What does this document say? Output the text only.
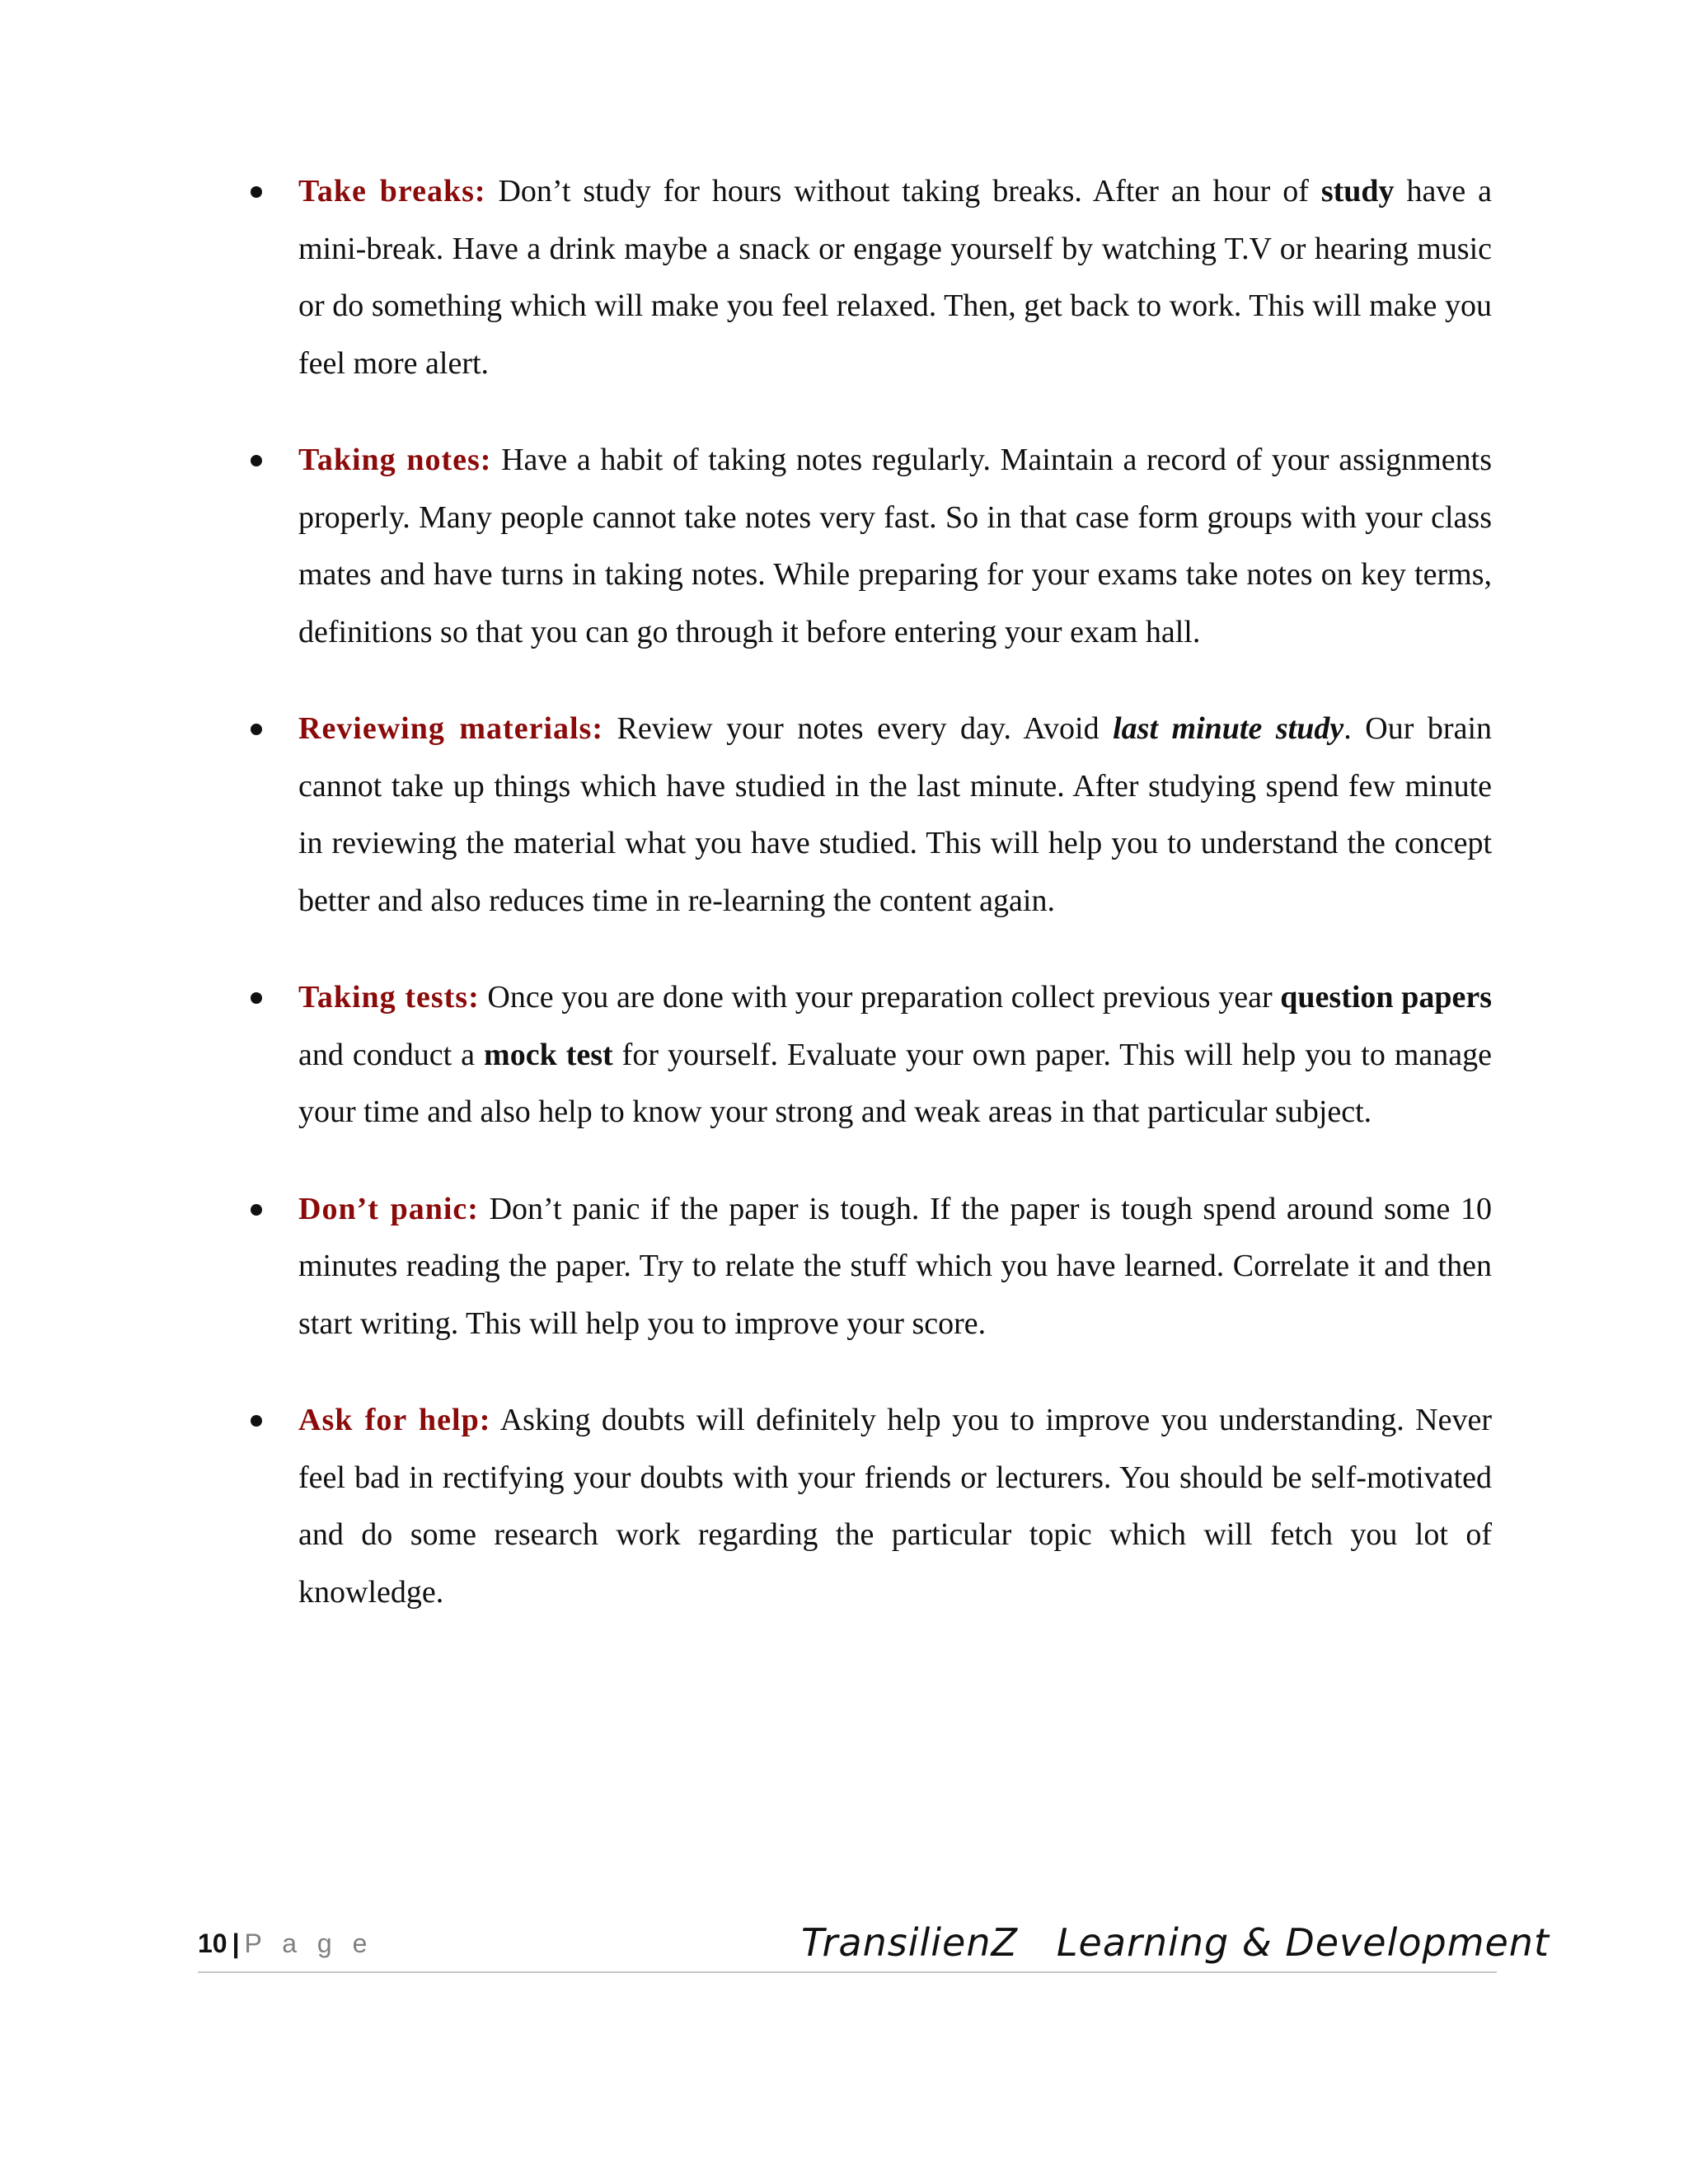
Take breaks: Don’t study for hours without taking breaks. After an hour of study have a mini-break. Have a drink maybe a snack or engage yourself by watching T.V or hearing music or do something which will make you feel relaxed. Then, get back to work. This will make you feel more alert.

Taking notes: Have a habit of taking notes regularly. Maintain a record of your assignments properly. Many people cannot take notes very fast. So in that case form groups with your class mates and have turns in taking notes. While preparing for your exams take notes on key terms, definitions so that you can go through it before entering your exam hall.

Reviewing materials: Review your notes every day. Avoid last minute study. Our brain cannot take up things which have studied in the last minute. After studying spend few minute in reviewing the material what you have studied. This will help you to understand the concept better and also reduces time in re-learning the content again.

Taking tests: Once you are done with your preparation collect previous year question papers and conduct a mock test for yourself. Evaluate your own paper. This will help you to manage your time and also help to know your strong and weak areas in that particular subject.

Don’t panic: Don’t panic if the paper is tough. If the paper is tough spend around some 10 minutes reading the paper. Try to relate the stuff which you have learned. Correlate it and then start writing. This will help you to improve your score.

Ask for help: Asking doubts will definitely help you to improve you understanding. Never feel bad in rectifying your doubts with your friends or lecturers. You should be self-motivated and do some research work regarding the particular topic which will fetch you lot of knowledge.

10 | P a g e	TransilienZ   Learning & Development
